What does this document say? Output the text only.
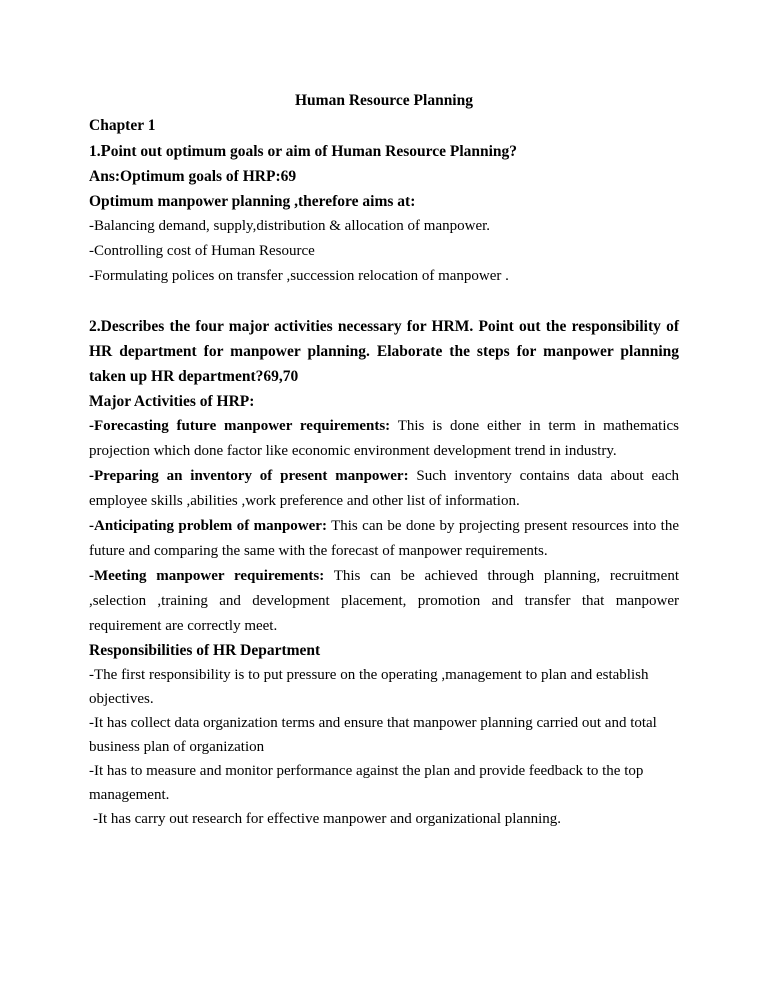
Human Resource Planning
Chapter 1
1.Point out optimum goals or aim of Human Resource Planning?
Ans:Optimum goals of HRP:69
Optimum manpower planning ,therefore aims at:
-Balancing demand, supply,distribution & allocation of manpower.
-Controlling cost of Human Resource
-Formulating polices on transfer ,succession relocation of manpower .
2.Describes the four major activities necessary for HRM. Point out the responsibility of HR department for manpower planning. Elaborate the steps for manpower planning taken up HR department?69,70
Major Activities of HRP:
-Forecasting future manpower requirements: This is done either in term in mathematics projection which done factor like economic environment development trend in industry.
-Preparing an inventory of present manpower: Such inventory contains data about each employee skills ,abilities ,work preference and other list of information.
-Anticipating problem of manpower: This can be done by projecting present resources into the future and comparing the same with the forecast of manpower requirements.
-Meeting manpower requirements: This can be achieved through planning, recruitment ,selection ,training and development placement, promotion and transfer that manpower requirement are correctly meet.
Responsibilities of HR Department
-The first responsibility is to put pressure on the operating ,management to plan and establish objectives.
-It has collect data organization terms and ensure that manpower planning carried out and total business plan of organization
-It has to measure and monitor performance against the plan and provide feedback to the top management.
-It has carry out research for effective manpower and organizational planning.
